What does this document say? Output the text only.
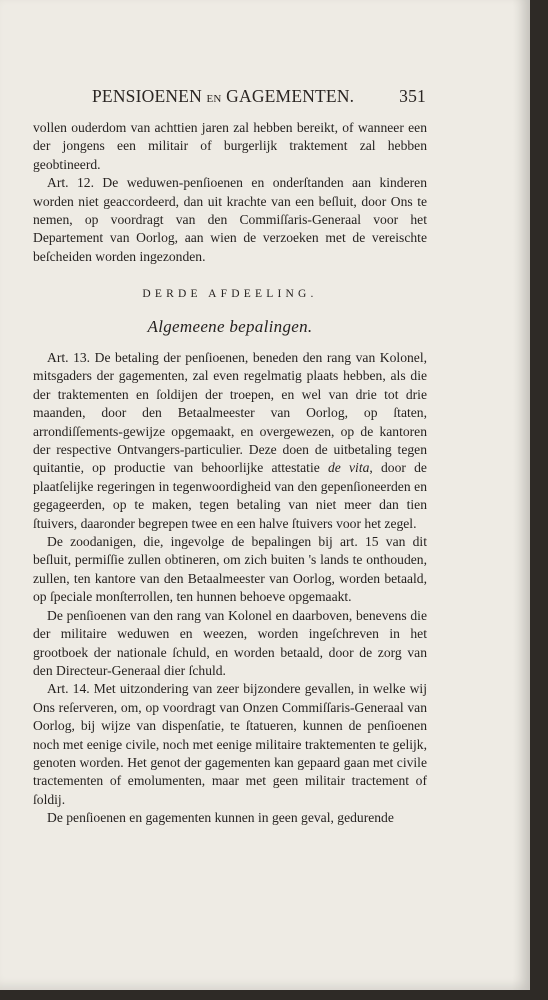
PENSIOENEN EN GAGEMENTEN.	351

vollen ouderdom van achttien jaren zal hebben bereikt, of wanneer een der jongens een militair of burgerlijk traktement zal hebben geobtineerd.

Art. 12. De weduwen-penſioenen en onderſtanden aan kinderen worden niet geaccordeerd, dan uit krachte van een beſluit, door Ons te nemen, op voordragt van den Commiſſaris-Generaal voor het Departement van Oorlog, aan wien de verzoeken met de vereischte beſcheiden worden ingezonden.

DERDE AFDEELING.
Algemeene bepalingen.

Art. 13. De betaling der penſioenen, beneden den rang van Kolonel, mitsgaders der gagementen, zal even regelmatig plaats hebben, als die der traktementen en ſoldijen der troepen, en wel van drie tot drie maanden, door den Betaalmeester van Oorlog, op ſtaten, arrondiſſements-gewijze opgemaakt, en overgewezen, op de kantoren der respective Ontvangers-particulier. Deze doen de uitbetaling tegen quitantie, op productie van behoorlijke attestatie de vita, door de plaatſelijke regeringen in tegenwoordigheid van den gepenſioneerden en gegageerden, op te maken, tegen betaling van niet meer dan tien ſtuivers, daaronder begrepen twee en een halve ſtuivers voor het zegel.

De zoodanigen, die, ingevolge de bepalingen bij art. 15 van dit beſluit, permiſſie zullen obtineren, om zich buiten 's lands te onthouden, zullen, ten kantore van den Betaalmeester van Oorlog, worden betaald, op ſpeciale monſterrollen, ten hunnen behoeve opgemaakt.

De penſioenen van den rang van Kolonel en daarboven, benevens die der militaire weduwen en weezen, worden ingeſchreven in het grootboek der nationale ſchuld, en worden betaald, door de zorg van den Directeur-Generaal dier ſchuld.

Art. 14. Met uitzondering van zeer bijzondere gevallen, in welke wij Ons reſerveren, om, op voordragt van Onzen Commiſſaris-Generaal van Oorlog, bij wijze van dispenſatie, te ſtatueren, kunnen de penſioenen noch met eenige civile, noch met eenige militaire traktementen te gelijk, genoten worden. Het genot der gagementen kan gepaard gaan met civile tractementen of emolumenten, maar met geen militair tractement of ſoldij.

De penſioenen en gagementen kunnen in geen geval, gedurende
